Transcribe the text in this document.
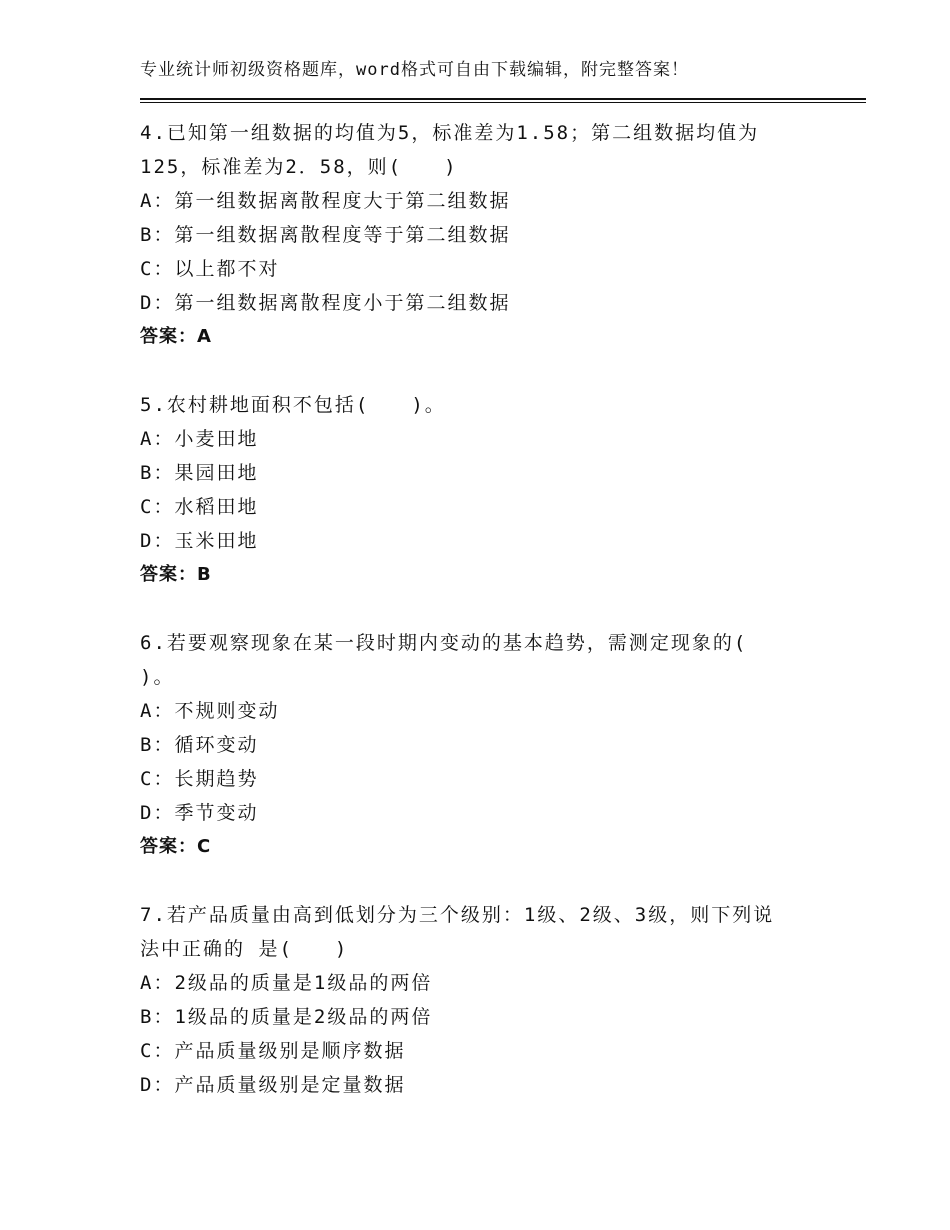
专业统计师初级资格题库，word格式可自由下载编辑，附完整答案！
4.已知第一组数据的均值为5，标准差为1.58；第二组数据均值为
125，标准差为2．58，则(　　)
A：第一组数据离散程度大于第二组数据
B：第一组数据离散程度等于第二组数据
C：以上都不对
D：第一组数据离散程度小于第二组数据
答案：A
5.农村耕地面积不包括(　　)。
A：小麦田地
B：果园田地
C：水稻田地
D：玉米田地
答案：B
6.若要观察现象在某一段时期内变动的基本趋势，需测定现象的(
)。
A：不规则变动
B：循环变动
C：长期趋势
D：季节变动
答案：C
7.若产品质量由高到低划分为三个级别：1级、2级、3级，则下列说
法中正确的 是(　　)
A：2级品的质量是1级品的两倍
B：1级品的质量是2级品的两倍
C：产品质量级别是顺序数据
D：产品质量级别是定量数据
